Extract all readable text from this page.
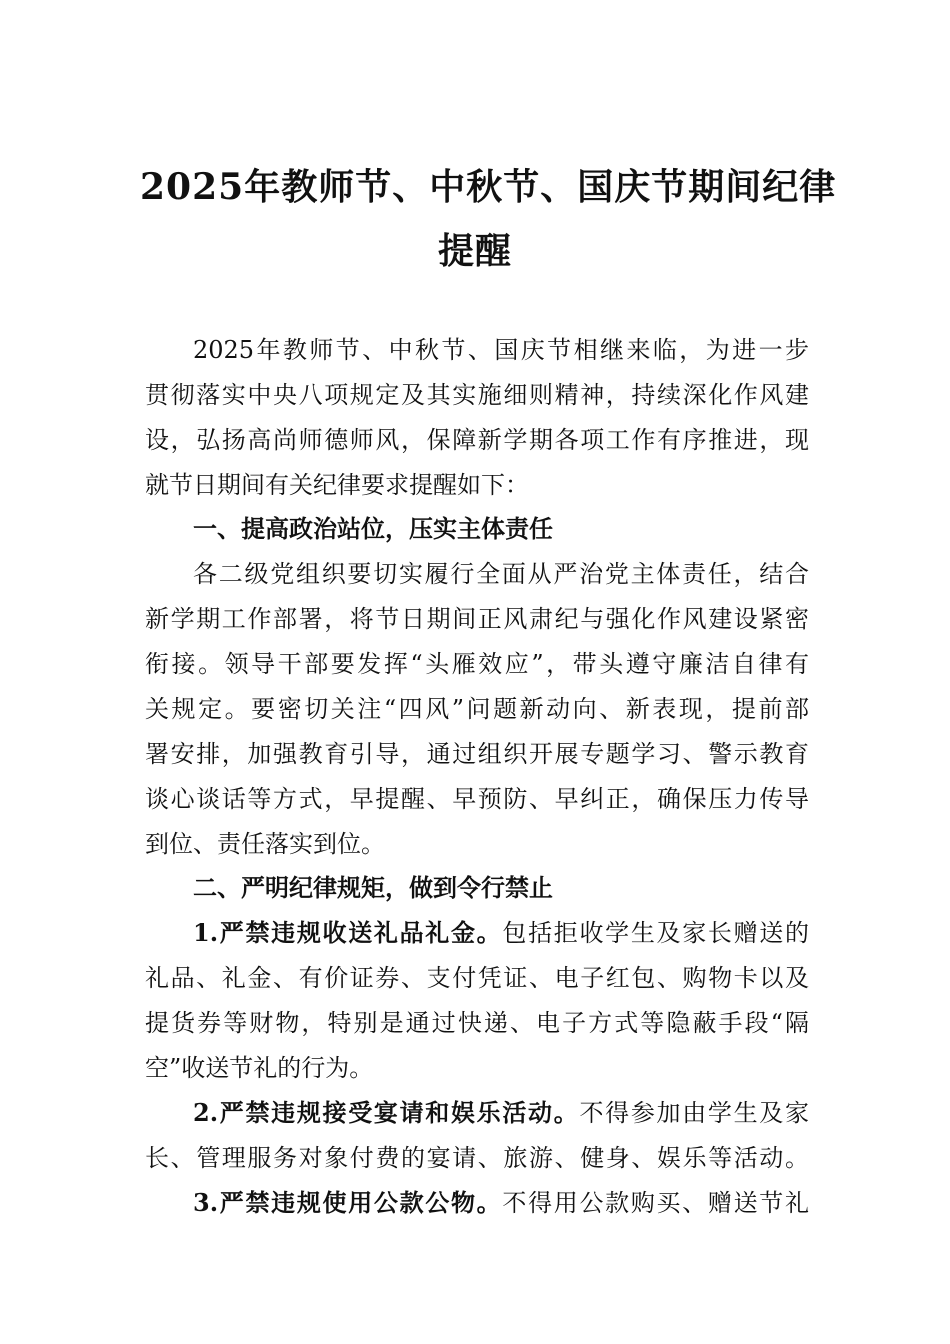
2025年教师节、中秋节、国庆节期间纪律
提醒
2025年教师节、中秋节、国庆节相继来临，为进一步
贯彻落实中央八项规定及其实施细则精神，持续深化作风建
设，弘扬高尚师德师风，保障新学期各项工作有序推进，现
就节日期间有关纪律要求提醒如下：
一、提高政治站位，压实主体责任
各二级党组织要切实履行全面从严治党主体责任，结合
新学期工作部署，将节日期间正风肃纪与强化作风建设紧密
衔接。领导干部要发挥“头雁效应”，带头遵守廉洁自律有
关规定。要密切关注“四风”问题新动向、新表现，提前部
署安排，加强教育引导，通过组织开展专题学习、警示教育
谈心谈话等方式，早提醒、早预防、早纠正，确保压力传导
到位、责任落实到位。
二、严明纪律规矩，做到令行禁止
1.严禁违规收送礼品礼金。包括拒收学生及家长赠送的
礼品、礼金、有价证券、支付凭证、电子红包、购物卡以及
提货券等财物，特别是通过快递、电子方式等隐蔽手段“隔
空”收送节礼的行为。
2.严禁违规接受宴请和娱乐活动。不得参加由学生及家
长、管理服务对象付费的宴请、旅游、健身、娱乐等活动。
3.严禁违规使用公款公物。不得用公款购买、赠送节礼
